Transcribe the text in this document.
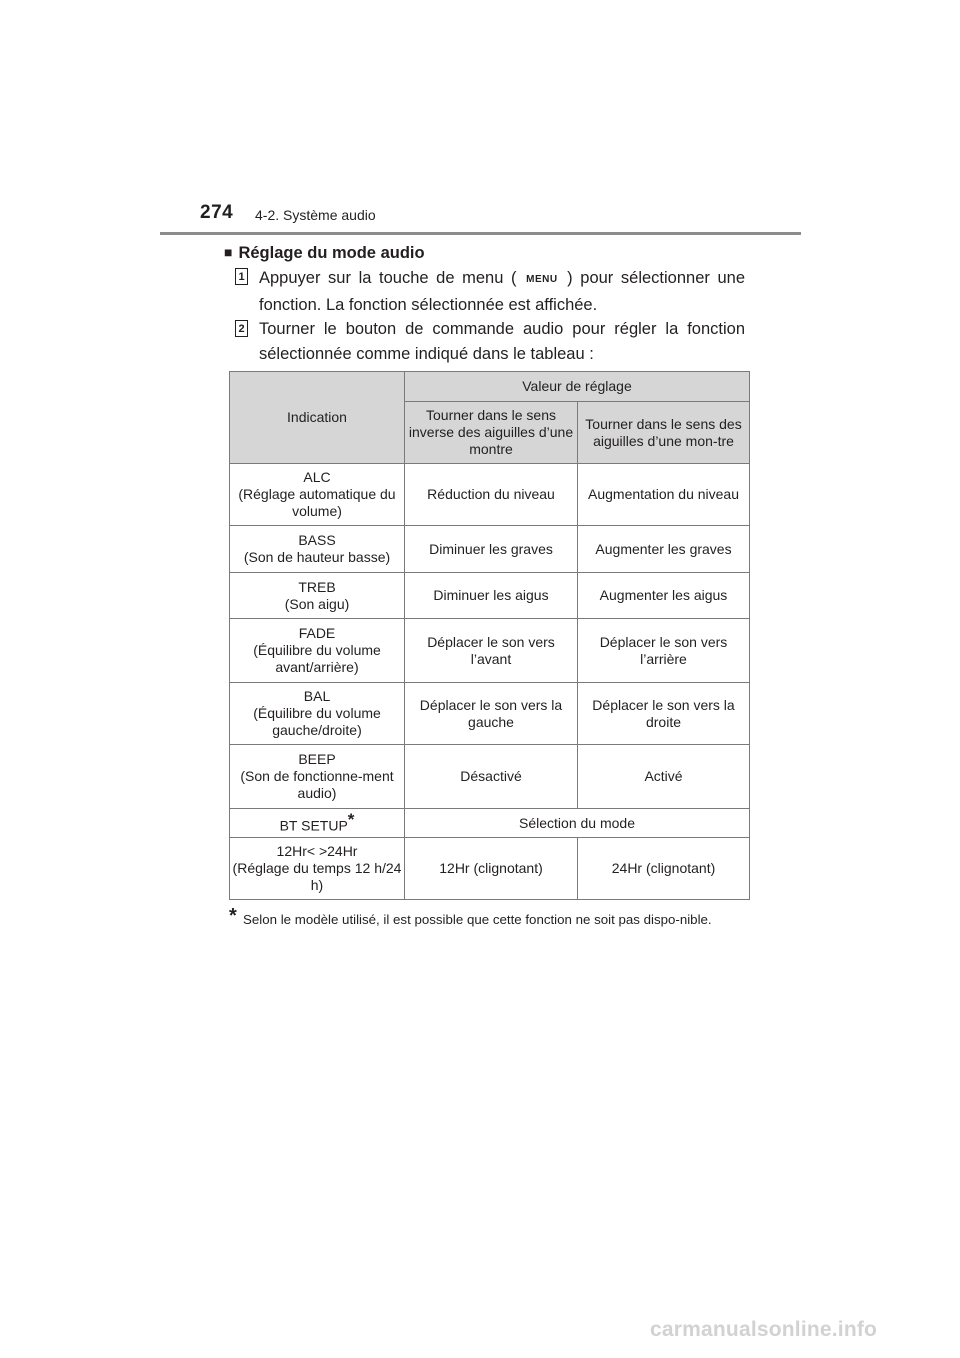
274 4-2. Système audio
■ Réglage du mode audio
1 Appuyer sur la touche de menu ( MENU ) pour sélectionner une
fonction. La fonction sélectionnée est affichée.
2 Tourner le bouton de commande audio pour régler la fonction
sélectionnée comme indiqué dans le tableau :
Indication	Valeur de réglage	
	Tourner dans le sens inverse des aiguilles d’une montre	Tourner dans le sens des aiguilles d’une mon-tre
ALC
(Réglage automatique du volume)	Réduction du niveau	Augmentation du niveau
BASS
(Son de hauteur basse)	Diminuer les graves	Augmenter les graves
TREB
(Son aigu)	Diminuer les aigus	Augmenter les aigus
FADE
(Équilibre du volume avant/arrière)	Déplacer le son vers l’avant	Déplacer le son vers l’arrière
BAL
(Équilibre du volume gauche/droite)	Déplacer le son vers la gauche	Déplacer le son vers la droite
BEEP
(Son de fonctionne-ment audio)	Désactivé	Activé
BT SETUP*	Sélection du mode	
12Hr< >24Hr
(Réglage du temps 12 h/24 h)	12Hr (clignotant)	24Hr (clignotant)
* Selon le modèle utilisé, il est possible que cette fonction ne soit pas dispo-nible.
carmanualsonline.info
